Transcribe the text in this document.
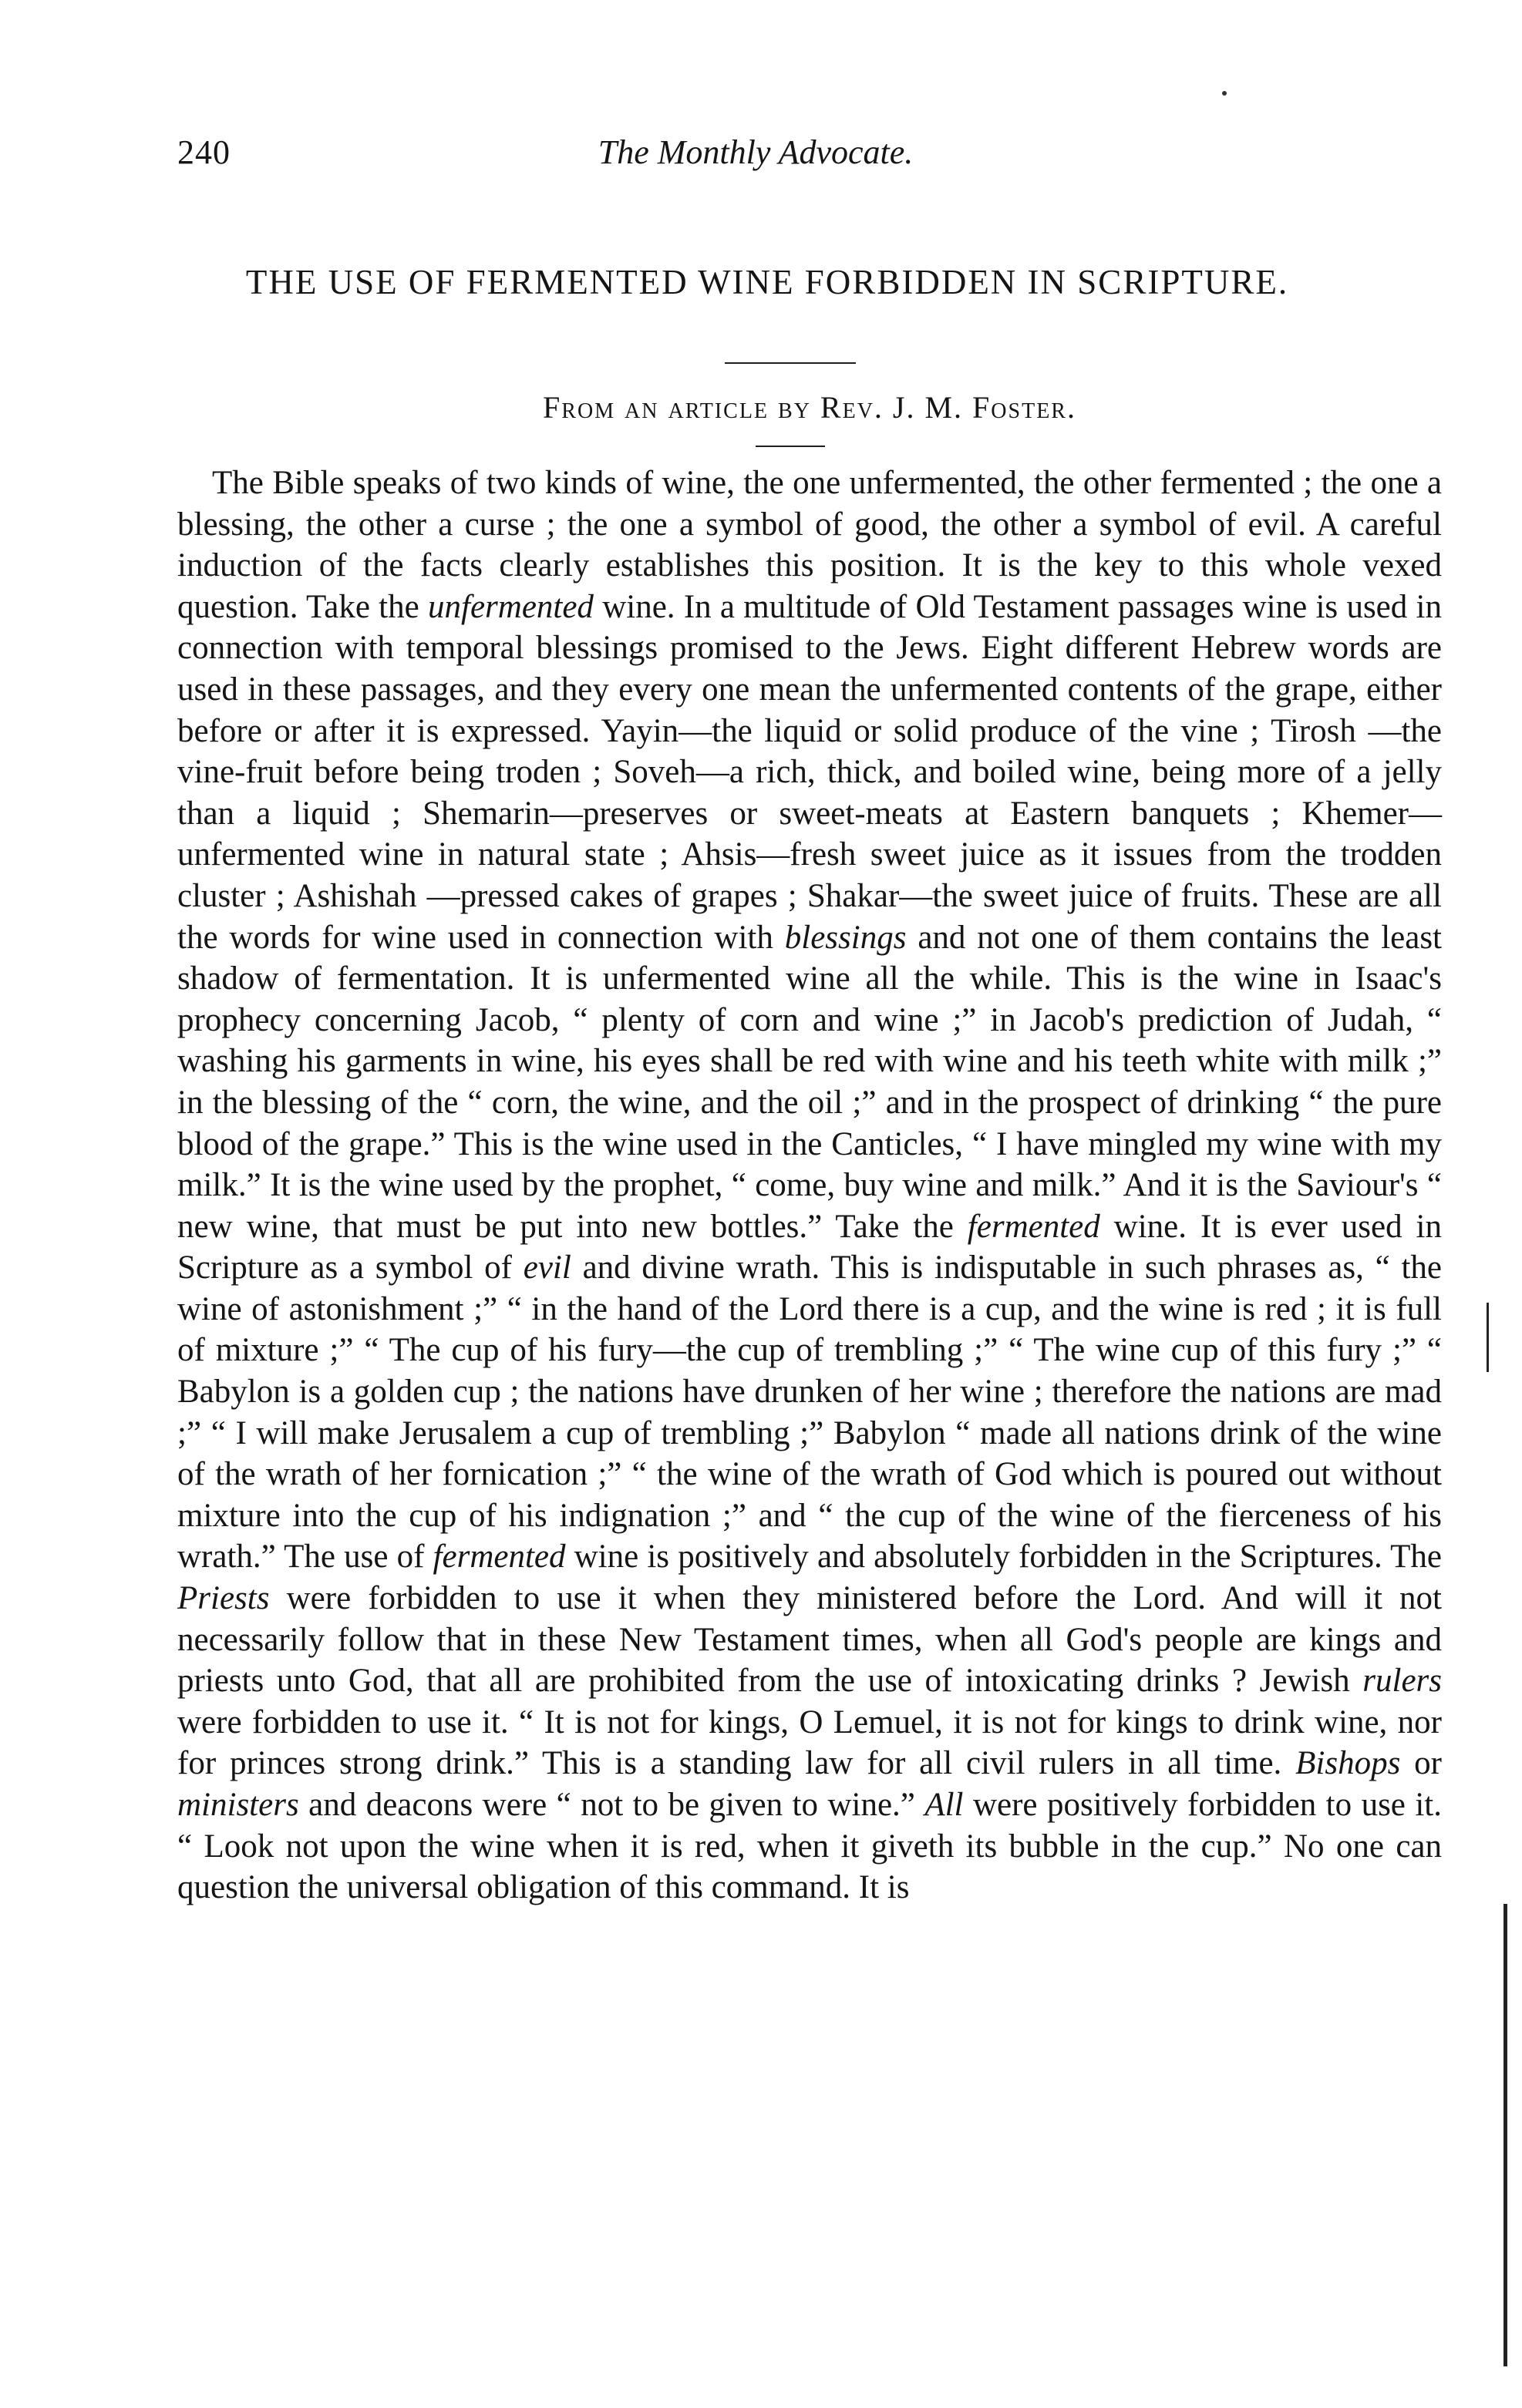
240	The Monthly Advocate.
THE USE OF FERMENTED WINE FORBIDDEN IN SCRIPTURE.
From an article by Rev. J. M. Foster.

The Bible speaks of two kinds of wine, the one unfermented, the other fermented ; the one a blessing, the other a curse ; the one a symbol of good, the other a symbol of evil. A careful induction of the facts clearly establishes this position. It is the key to this whole vexed question. Take the unfermented wine. In a multitude of Old Testament passages wine is used in connection with temporal blessings promised to the Jews. Eight different Hebrew words are used in these passages, and they every one mean the unfermented contents of the grape, either before or after it is expressed. Yayin—the liquid or solid produce of the vine ; Tirosh —the vine-fruit before being troden ; Soveh—a rich, thick, and boiled wine, being more of a jelly than a liquid ; Shemarin—preserves or sweet-meats at Eastern banquets ; Khemer—unfermented wine in natural state ; Ahsis—fresh sweet juice as it issues from the trodden cluster ; Ashishah —pressed cakes of grapes ; Shakar—the sweet juice of fruits. These are all the words for wine used in connection with blessings and not one of them contains the least shadow of fermentation. It is unfermented wine all the while. This is the wine in Isaac's prophecy concerning Jacob, “ plenty of corn and wine ;” in Jacob's prediction of Judah, “ washing his garments in wine, his eyes shall be red with wine and his teeth white with milk ;” in the blessing of the “ corn, the wine, and the oil ;” and in the prospect of drinking “ the pure blood of the grape.” This is the wine used in the Canticles, “ I have mingled my wine with my milk.” It is the wine used by the prophet, “ come, buy wine and milk.” And it is the Saviour's “ new wine, that must be put into new bottles.” Take the fermented wine. It is ever used in Scripture as a symbol of evil and divine wrath. This is indisputable in such phrases as, “ the wine of astonishment ;” “ in the hand of the Lord there is a cup, and the wine is red ; it is full of mixture ;” “ The cup of his fury—the cup of trembling ;” “ The wine cup of this fury ;” “ Babylon is a golden cup ; the nations have drunken of her wine ; therefore the nations are mad ;” “ I will make Jerusalem a cup of trembling ;” Babylon “ made all nations drink of the wine of the wrath of her fornication ;” “ the wine of the wrath of God which is poured out without mixture into the cup of his indignation ;” and “ the cup of the wine of the fierceness of his wrath.” The use of fermented wine is positively and absolutely forbidden in the Scriptures. The Priests were forbidden to use it when they ministered before the Lord. And will it not necessarily follow that in these New Testament times, when all God's people are kings and priests unto God, that all are prohibited from the use of intoxicating drinks ? Jewish rulers were forbidden to use it. “ It is not for kings, O Lemuel, it is not for kings to drink wine, nor for princes strong drink.” This is a standing law for all civil rulers in all time. Bishops or ministers and deacons were “ not to be given to wine.” All were positively forbidden to use it. “ Look not upon the wine when it is red, when it giveth its bubble in the cup.” No one can question the universal obligation of this command. It is
